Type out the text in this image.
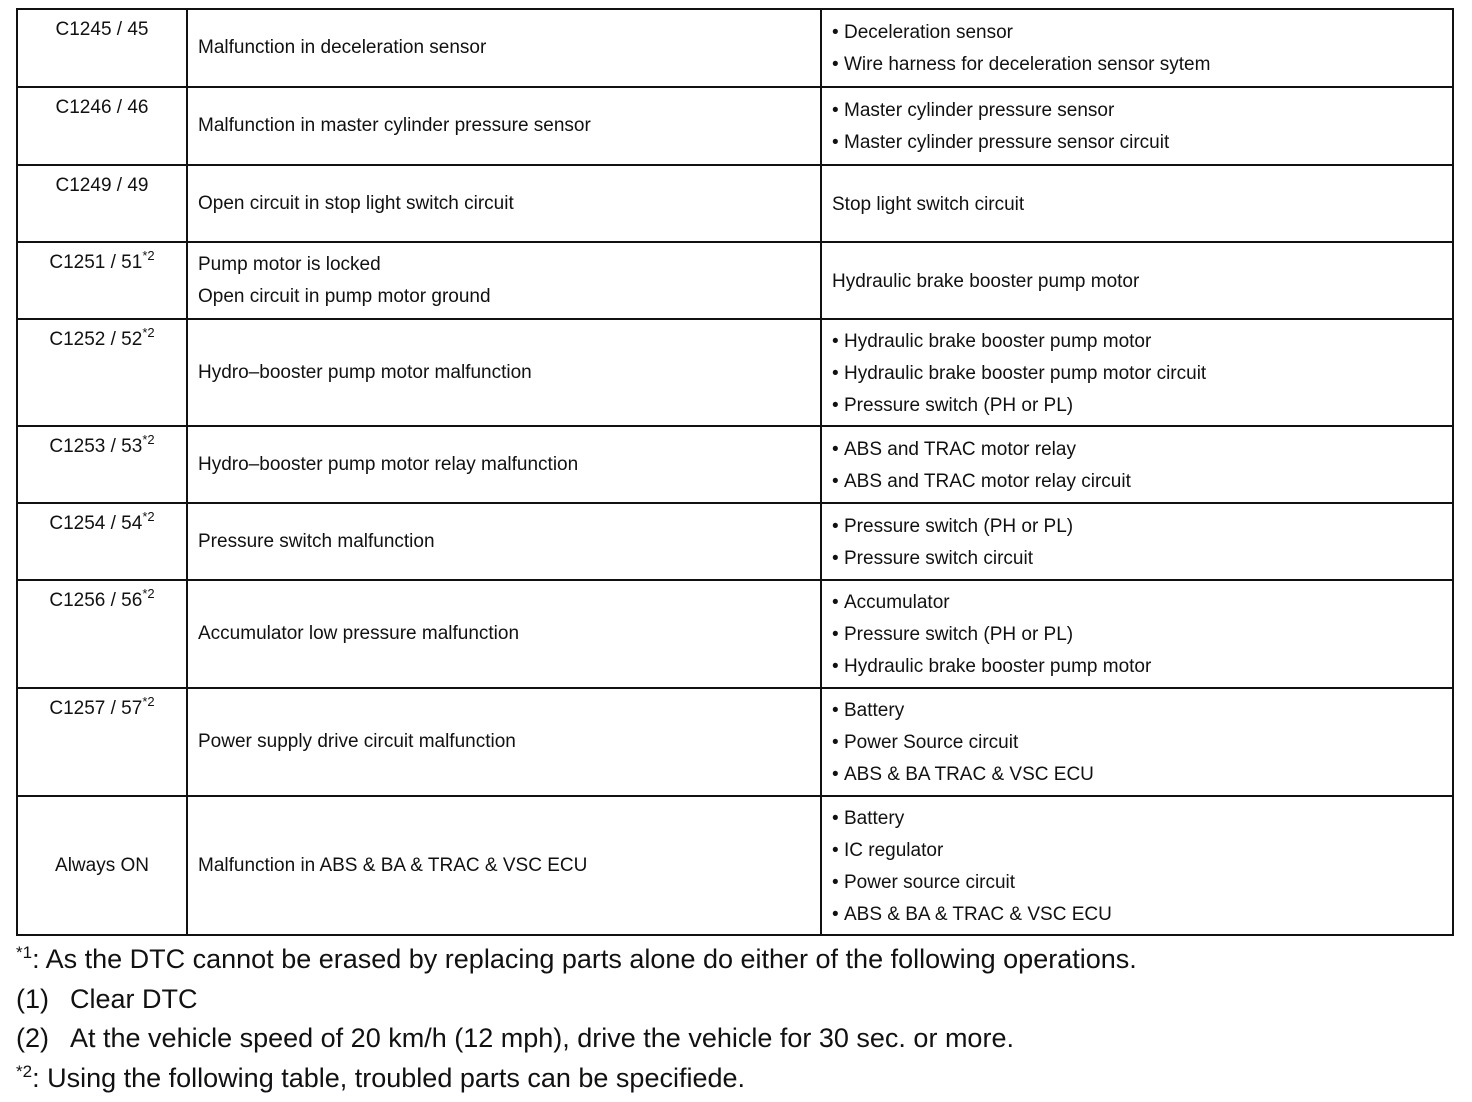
C1245 / 45	Malfunction in deceleration sensor	• Deceleration sensor
• Wire harness for deceleration sensor sytem

C1246 / 46	Malfunction in master cylinder pressure sensor	• Master cylinder pressure sensor
• Master cylinder pressure sensor circuit

C1249 / 49	Open circuit in stop light switch circuit	Stop light switch circuit

C1251 / 51$^{*2}$	Pump motor is locked
Open circuit in pump motor ground	Hydraulic brake booster pump motor

C1252 / 52$^{*2}$	Hydro–booster pump motor malfunction	• Hydraulic brake booster pump motor
• Hydraulic brake booster pump motor circuit
• Pressure switch (PH or PL)

C1253 / 53$^{*2}$	Hydro–booster pump motor relay malfunction	• ABS and TRAC motor relay
• ABS and TRAC motor relay circuit

C1254 / 54$^{*2}$	Pressure switch malfunction	• Pressure switch (PH or PL)
• Pressure switch circuit

C1256 / 56$^{*2}$	Accumulator low pressure malfunction	• Accumulator
• Pressure switch (PH or PL)
• Hydraulic brake booster pump motor

C1257 / 57$^{*2}$	Power supply drive circuit malfunction	• Battery
• Power Source circuit
• ABS & BA TRAC & VSC ECU

Always ON	Malfunction in ABS & BA & TRAC & VSC ECU	• Battery
• IC regulator
• Power source circuit
• ABS & BA & TRAC & VSC ECU
$^{*1}$: As the DTC cannot be erased by replacing parts alone do either of the following operations.
(1) Clear DTC
(2) At the vehicle speed of 20 km/h (12 mph), drive the vehicle for 30 sec. or more.
$^{*2}$: Using the following table, troubled parts can be specifiede.
